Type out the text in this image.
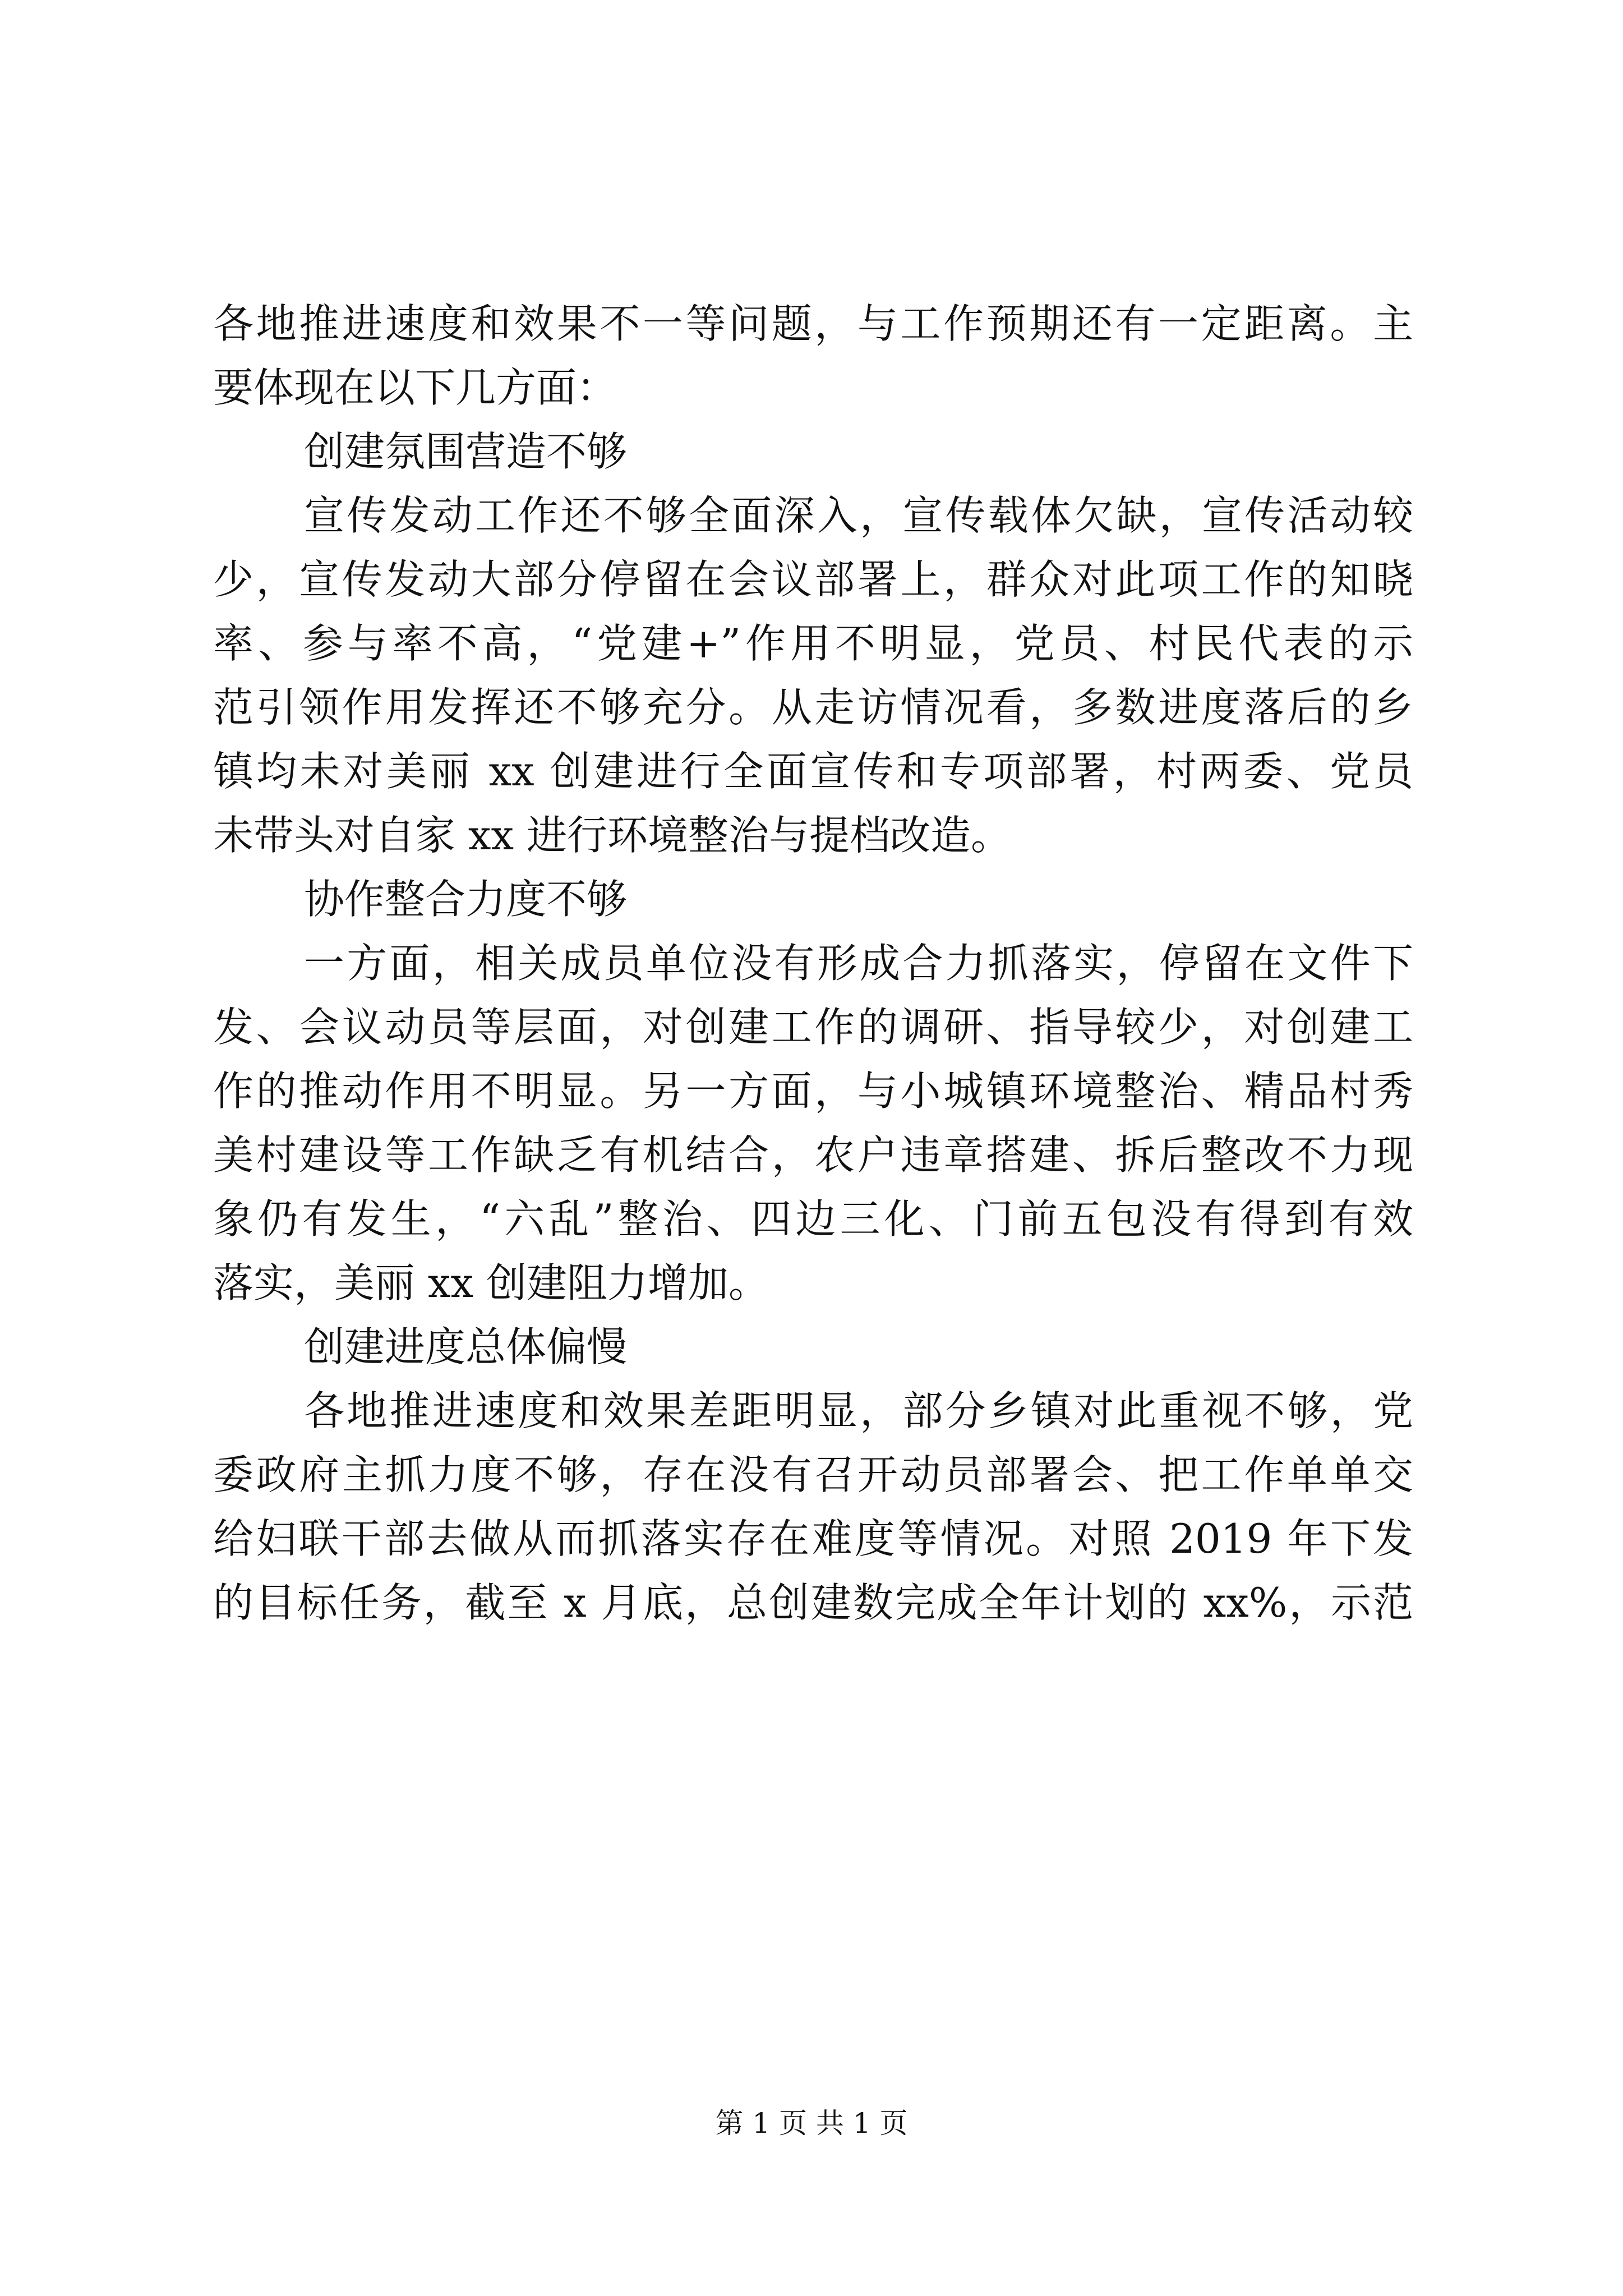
各地推进速度和效果不一等问题，与工作预期还有一定距离。主

要体现在以下几方面：

创建氛围营造不够

宣传发动工作还不够全面深入，宣传载体欠缺，宣传活动较

少，宣传发动大部分停留在会议部署上，群众对此项工作的知晓

率、参与率不高，“党建+”作用不明显，党员、村民代表的示

范引领作用发挥还不够充分。从走访情况看，多数进度落后的乡

镇均未对美丽 xx 创建进行全面宣传和专项部署，村两委、党员

未带头对自家 xx 进行环境整治与提档改造。

协作整合力度不够

一方面，相关成员单位没有形成合力抓落实，停留在文件下

发、会议动员等层面，对创建工作的调研、指导较少，对创建工

作的推动作用不明显。另一方面，与小城镇环境整治、精品村秀

美村建设等工作缺乏有机结合，农户违章搭建、拆后整改不力现

象仍有发生，“六乱”整治、四边三化、门前五包没有得到有效

落实，美丽 xx 创建阻力增加。

创建进度总体偏慢

各地推进速度和效果差距明显，部分乡镇对此重视不够，党

委政府主抓力度不够，存在没有召开动员部署会、把工作单单交

给妇联干部去做从而抓落实存在难度等情况。对照 2019 年下发

的目标任务，截至 x 月底，总创建数完成全年计划的 xx%，示范

第 1 页 共 1 页
